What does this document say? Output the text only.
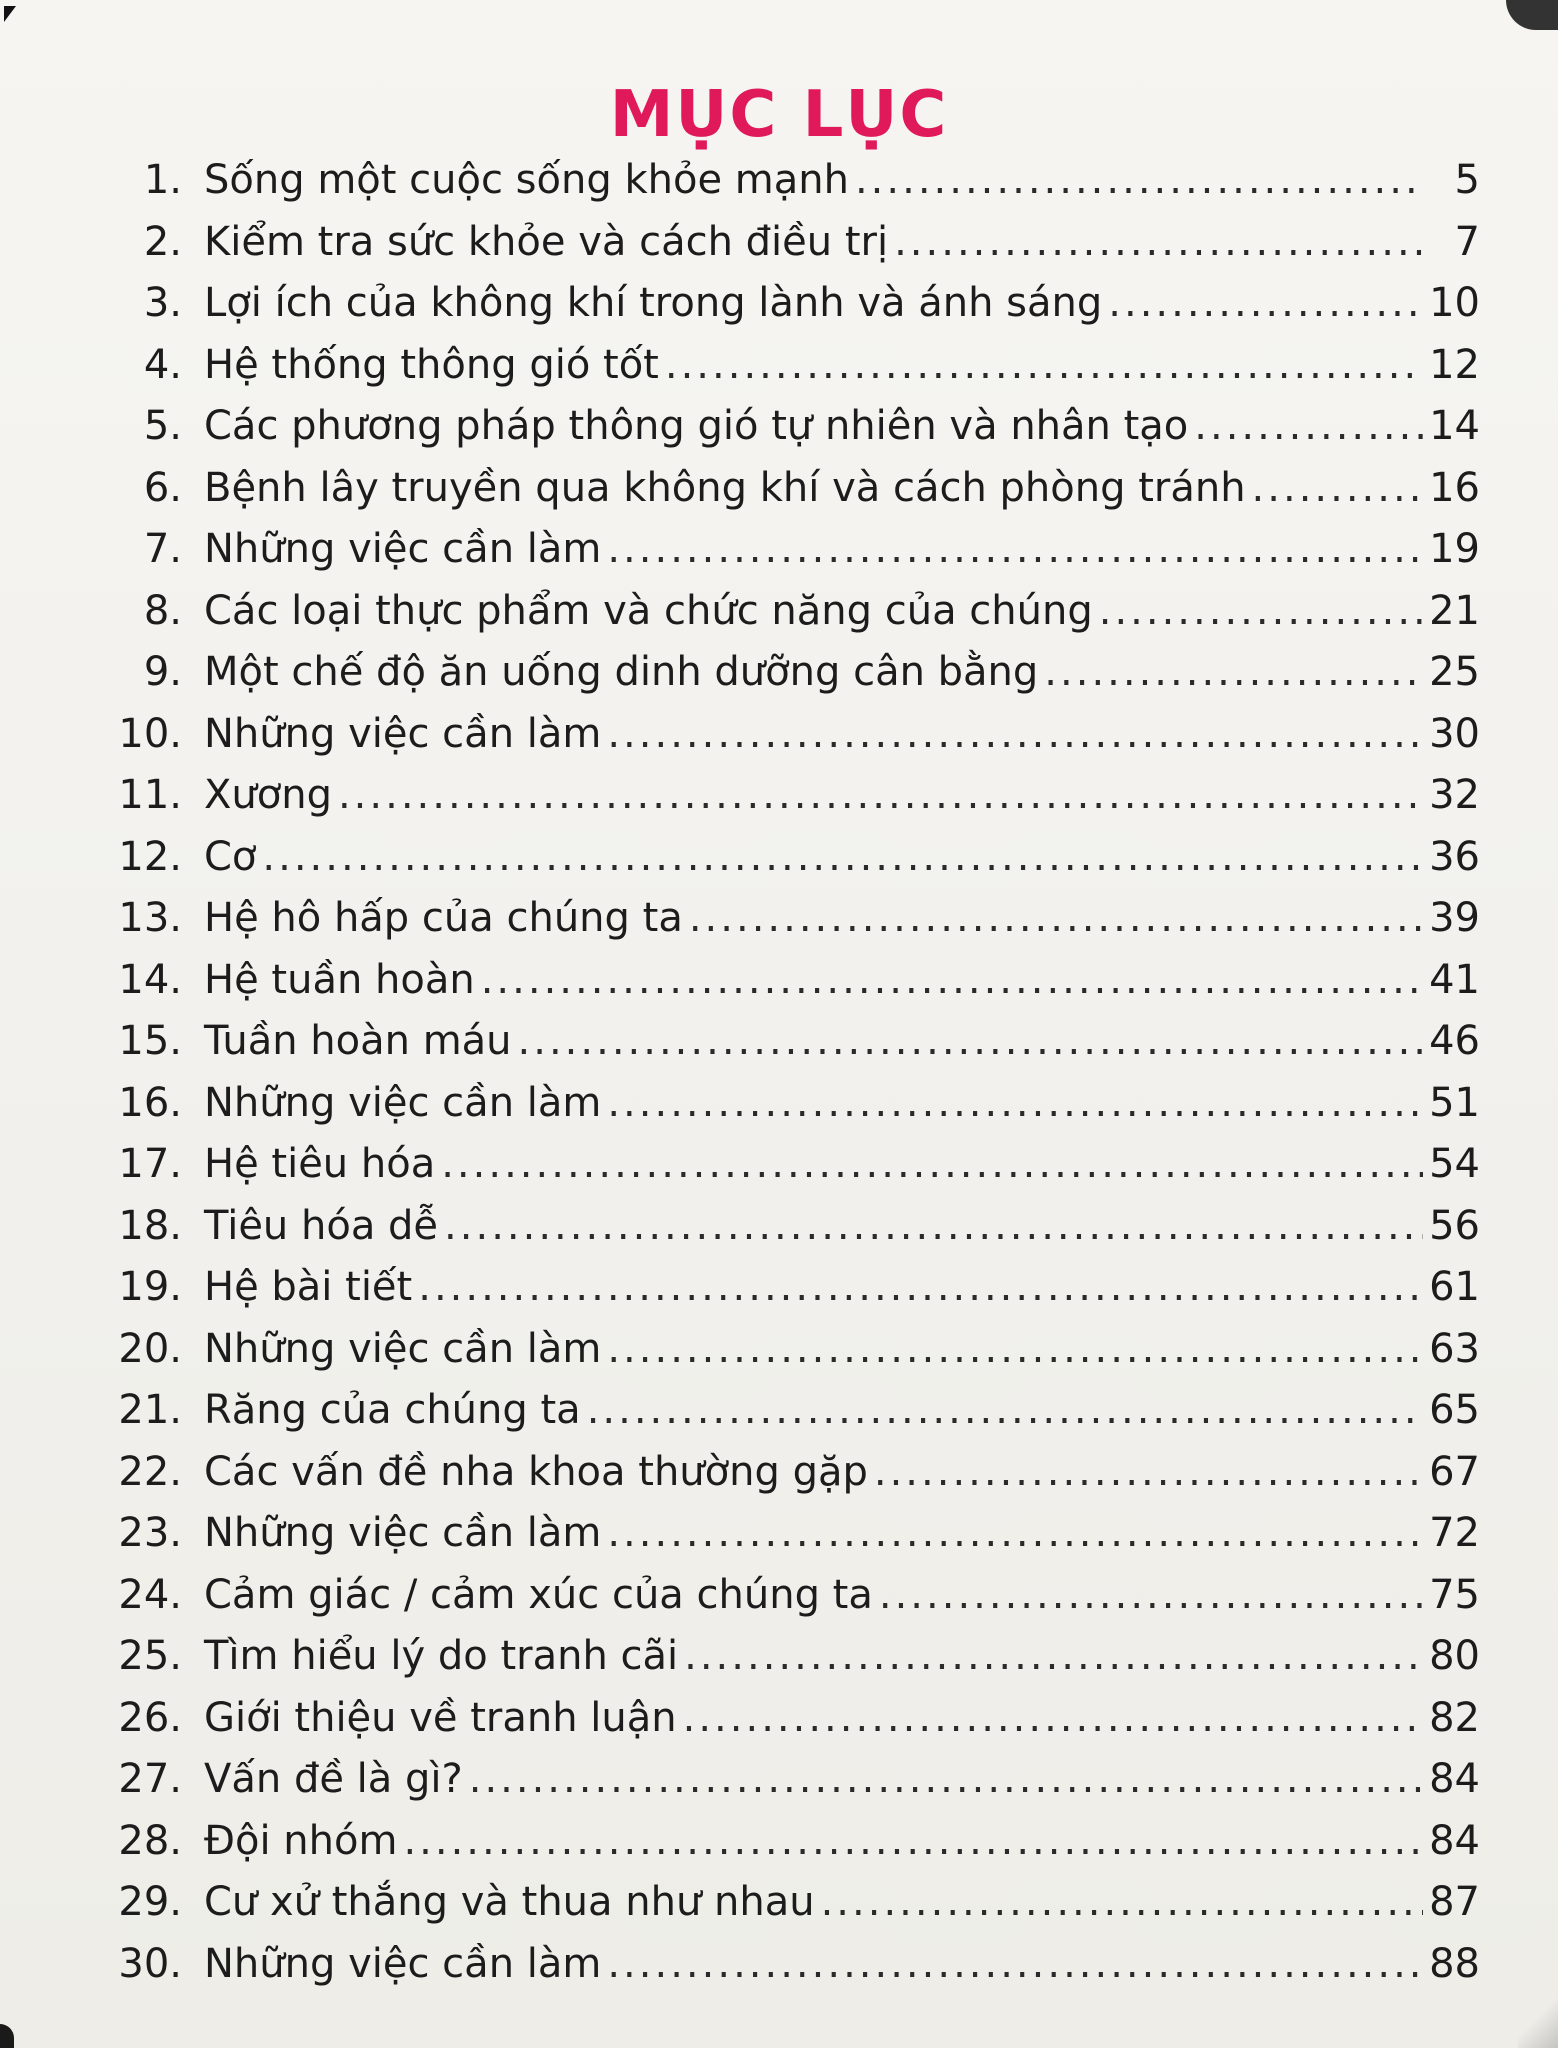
MỤC LỤC
1. Sống một cuộc sống khỏe mạnh .....	5
2. Kiểm tra sức khỏe và cách điều trị .....	7
3. Lợi ích của không khí trong lành và ánh sáng .....	10
4. Hệ thống thông gió tốt .....	12
5. Các phương pháp thông gió tự nhiên và nhân tạo .....	14
6. Bệnh lây truyền qua không khí và cách phòng tránh .....	16
7. Những việc cần làm .....	19
8. Các loại thực phẩm và chức năng của chúng .....	21
9. Một chế độ ăn uống dinh dưỡng cân bằng .....	25
10. Những việc cần làm .....	30
11. Xương .....	32
12. Cơ .....	36
13. Hệ hô hấp của chúng ta .....	39
14. Hệ tuần hoàn .....	41
15. Tuần hoàn máu .....	46
16. Những việc cần làm .....	51
17. Hệ tiêu hóa .....	54
18. Tiêu hóa dễ .....	56
19. Hệ bài tiết .....	61
20. Những việc cần làm .....	63
21. Răng của chúng ta .....	65
22. Các vấn đề nha khoa thường gặp .....	67
23. Những việc cần làm .....	72
24. Cảm giác / cảm xúc của chúng ta .....	75
25. Tìm hiểu lý do tranh cãi .....	80
26. Giới thiệu về tranh luận .....	82
27. Vấn đề là gì? .....	84
28. Đội nhóm .....	84
29. Cư xử thắng và thua như nhau .....	87
30. Những việc cần làm .....	88
